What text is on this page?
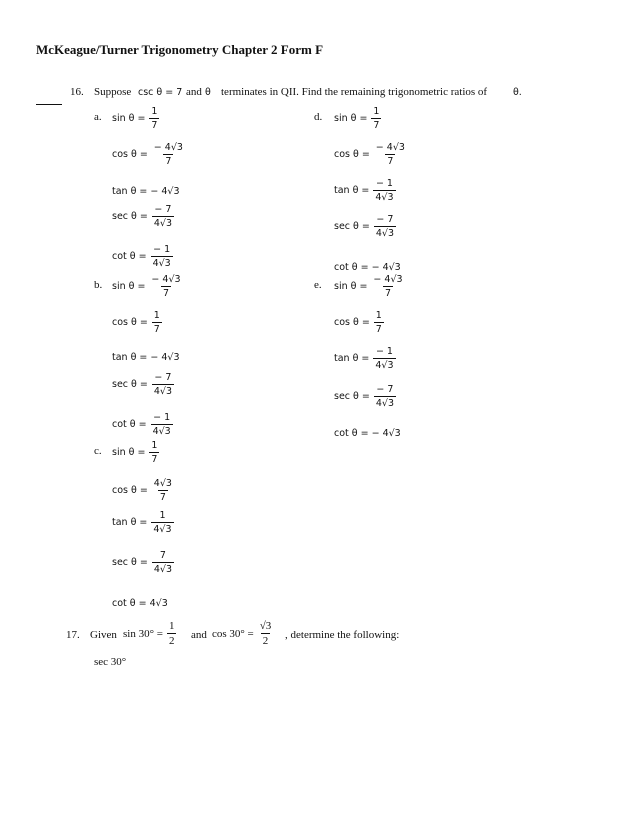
McKeague/Turner Trigonometry Chapter 2 Form F
16. Suppose csc θ = 7 and θ terminates in QII. Find the remaining trigonometric ratios of	θ.
a. $\sin \theta = \frac{1}{7}$
$\cos \theta = \frac{- 4√3}{7}$
tan θ = − 4√3
$\sec \theta = \frac{- 7}{4√3}$
$\cot \theta = \frac{- 1}{4√3}$
b. $\sin \theta = \frac{- 4√3}{7}$
$\cos \theta = \frac{1}{7}$
tan θ = − 4√3
$\sec \theta = \frac{- 7}{4√3}$
$\cot \theta = \frac{- 1}{4√3}$
c. $\sin \theta = \frac{1}{7}$
$\cos \theta = \frac{4√3}{7}$
$\tan \theta = \frac{1}{4√3}$
$\sec \theta = \frac{7}{4√3}$
cot θ = 4√3
d. $\sin \theta = \frac{1}{7}$
$\cos \theta = \frac{- 4√3}{7}$
$\tan \theta = \frac{- 1}{4√3}$
$\sec \theta = \frac{- 7}{4√3}$
cot θ = − 4√3
e. $\sin \theta = \frac{- 4√3}{7}$
$\cos \theta = \frac{1}{7}$
$\tan \theta = \frac{- 1}{4√3}$
$\sec \theta = \frac{- 7}{4√3}$
cot θ = − 4√3
17. Given $\sin 30^\circ = \frac{1}{2}$ and $\cos 30^\circ = \frac{√3}{2}$ , determine the following:
sec 30°
